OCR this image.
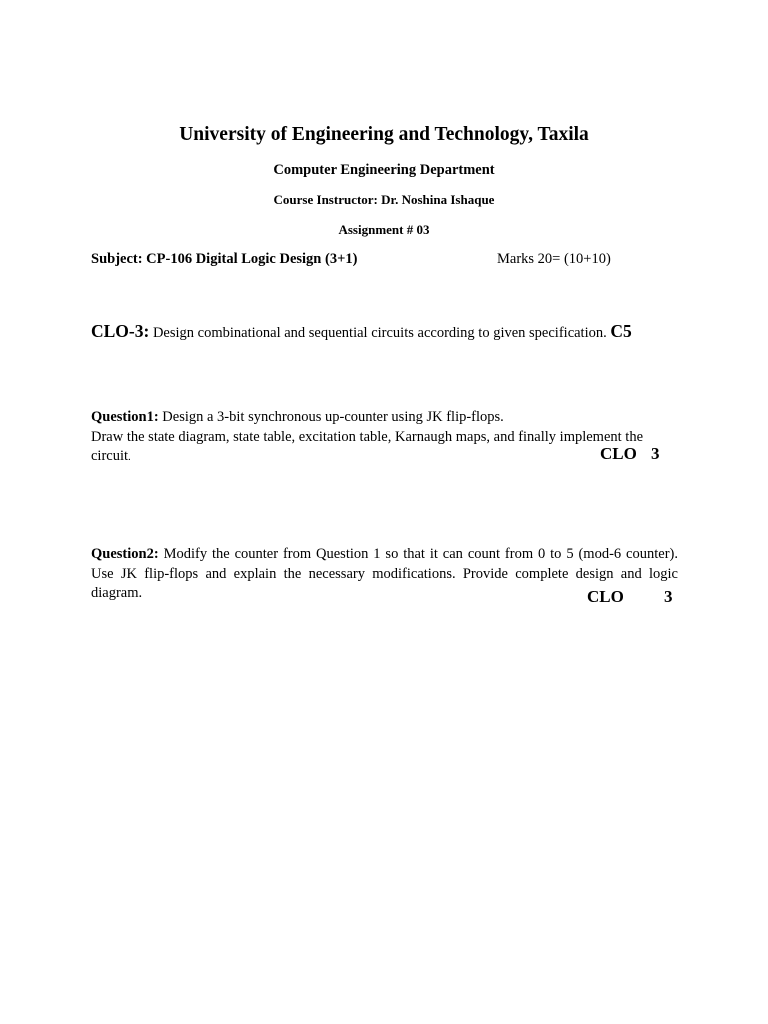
University of Engineering and Technology, Taxila
Computer Engineering Department
Course Instructor: Dr. Noshina Ishaque
Assignment # 03
Subject: CP-106 Digital Logic Design (3+1)	Marks 20= (10+10)
CLO-3: Design combinational and sequential circuits according to given specification. C5
Question1: Design a 3-bit synchronous up-counter using JK flip-flops.
Draw the state diagram, state table, excitation table, Karnaugh maps, and finally implement the
circuit.	CLO 3
Question2: Modify the counter from Question 1 so that it can count from 0 to 5 (mod-6 counter). Use JK flip-flops and explain the necessary modifications. Provide complete design and logic diagram.	CLO 3
